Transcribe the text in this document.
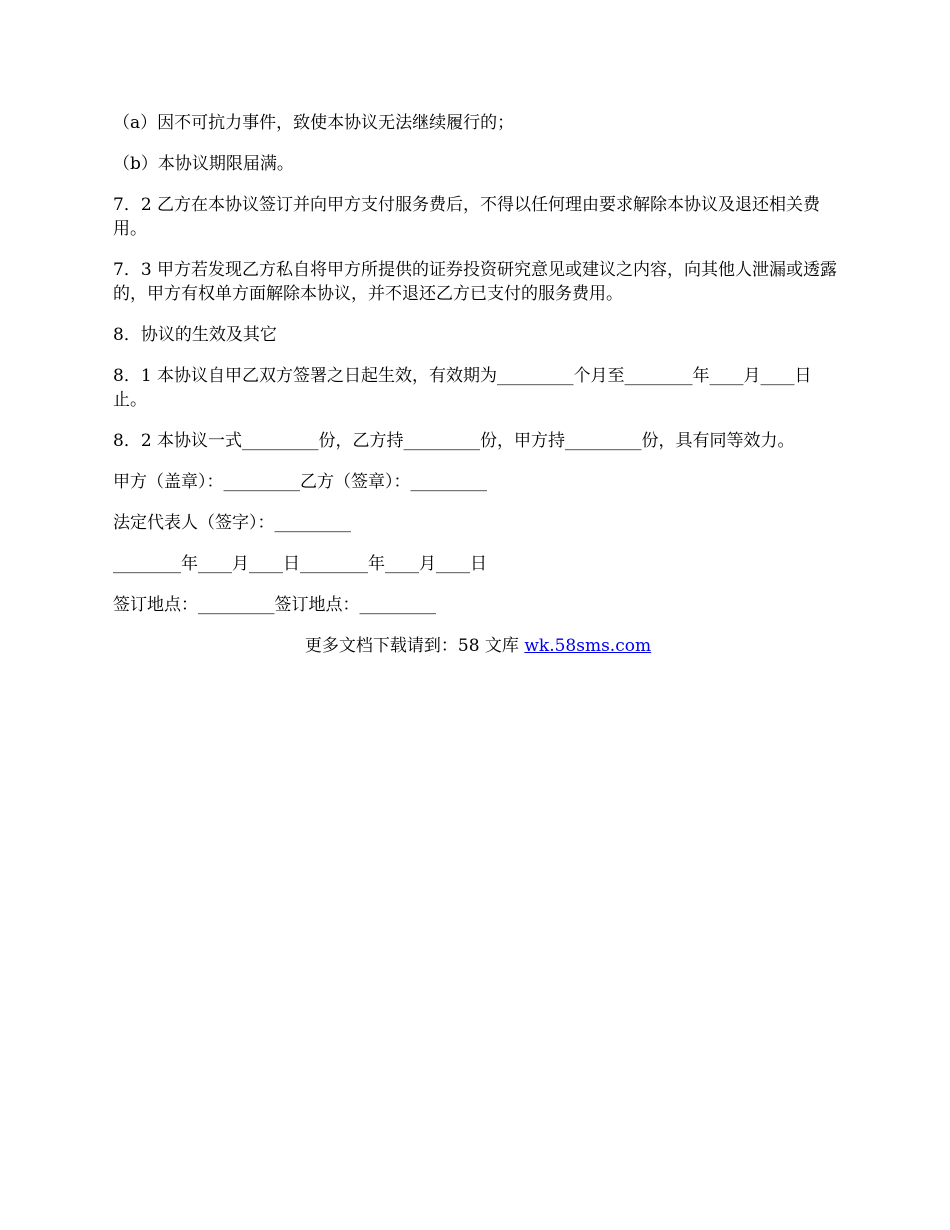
（a）因不可抗力事件，致使本协议无法继续履行的；

（b）本协议期限届满。

7．2 乙方在本协议签订并向甲方支付服务费后，不得以任何理由要求解除本协议及退还相关费用。

7．3 甲方若发现乙方私自将甲方所提供的证券投资研究意见或建议之内容，向其他人泄漏或透露的，甲方有权单方面解除本协议，并不退还乙方已支付的服务费用。

8．协议的生效及其它

8．1 本协议自甲乙双方签署之日起生效，有效期为_________个月至________年____月____日止。

8．2 本协议一式_________份，乙方持_________份，甲方持_________份，具有同等效力。

甲方（盖章）：_________乙方（签章）：_________

法定代表人（签字）：_________

________年____月____日________年____月____日

签订地点：_________签订地点：_________

更多文档下载请到：58 文库 wk.58sms.com
